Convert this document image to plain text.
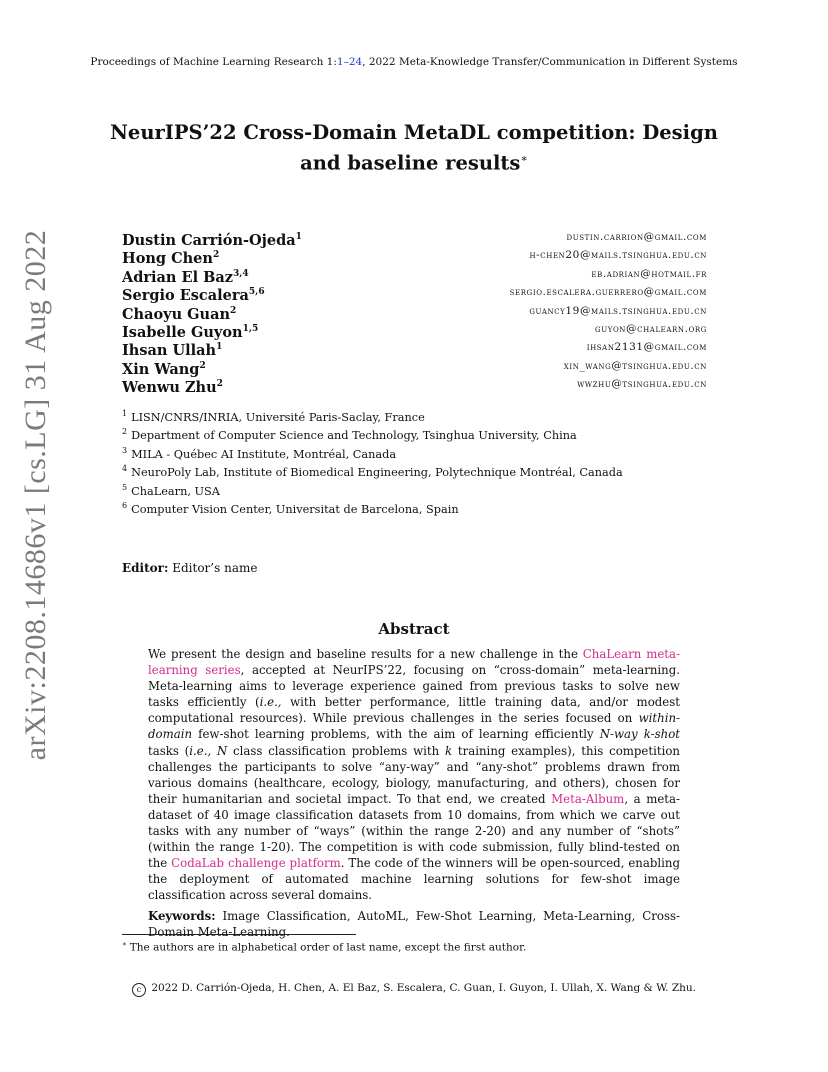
Proceedings of Machine Learning Research 1:1–24, 2022 Meta-Knowledge Transfer/Communication in Different Systems
NeurIPS’22 Cross-Domain MetaDL competition: Design and baseline results∗
arXiv:2208.14686v1 [cs.LG] 31 Aug 2022	Dustin Carrión-Ojeda$^1$	dustin.carrion@gmail.com
Hong Chen$^2$	h-chen20@mails.tsinghua.edu.cn
Adrian El Baz$^{3,4}$	eb.adrian@hotmail.fr
Sergio Escalera$^{5,6}$	sergio.escalera.guerrero@gmail.com
Chaoyu Guan$^2$	guancy19@mails.tsinghua.edu.cn
Isabelle Guyon$^{1,5}$	guyon@chalearn.org
Ihsan Ullah$^1$	ihsan2131@gmail.com
Xin Wang$^2$	xin_wang@tsinghua.edu.cn
Wenwu Zhu$^2$	wwzhu@tsinghua.edu.cn
$^1$ LISN/CNRS/INRIA, Université Paris-Saclay, France
$^2$ Department of Computer Science and Technology, Tsinghua University, China
$^3$ MILA - Québec AI Institute, Montréal, Canada
$^4$ NeuroPoly Lab, Institute of Biomedical Engineering, Polytechnique Montréal, Canada
$^5$ ChaLearn, USA
$^6$ Computer Vision Center, Universitat de Barcelona, Spain
Editor: Editor’s name
Abstract

We present the design and baseline results for a new challenge in the ChaLearn meta-learning series, accepted at NeurIPS’22, focusing on “cross-domain” meta-learning. Meta-learning aims to leverage experience gained from previous tasks to solve new tasks efficiently (i.e., with better performance, little training data, and/or modest computational resources). While previous challenges in the series focused on within-domain few-shot learning problems, with the aim of learning efficiently N-way k-shot tasks (i.e., N class classification problems with k training examples), this competition challenges the participants to solve “any-way” and “any-shot” problems drawn from various domains (healthcare, ecology, biology, manufacturing, and others), chosen for their humanitarian and societal impact. To that end, we created Meta-Album, a meta-dataset of 40 image classification datasets from 10 domains, from which we carve out tasks with any number of “ways” (within the range 2-20) and any number of “shots” (within the range 1-20). The competition is with code submission, fully blind-tested on the CodaLab challenge platform. The code of the winners will be open-sourced, enabling the deployment of automated machine learning solutions for few-shot image classification across several domains.

Keywords: Image Classification, AutoML, Few-Shot Learning, Meta-Learning, Cross-Domain Meta-Learning.

∗ The authors are in alphabetical order of last name, except the first author.
c 2022 D. Carrión-Ojeda, H. Chen, A. El Baz, S. Escalera, C. Guan, I. Guyon, I. Ullah, X. Wang & W. Zhu.
